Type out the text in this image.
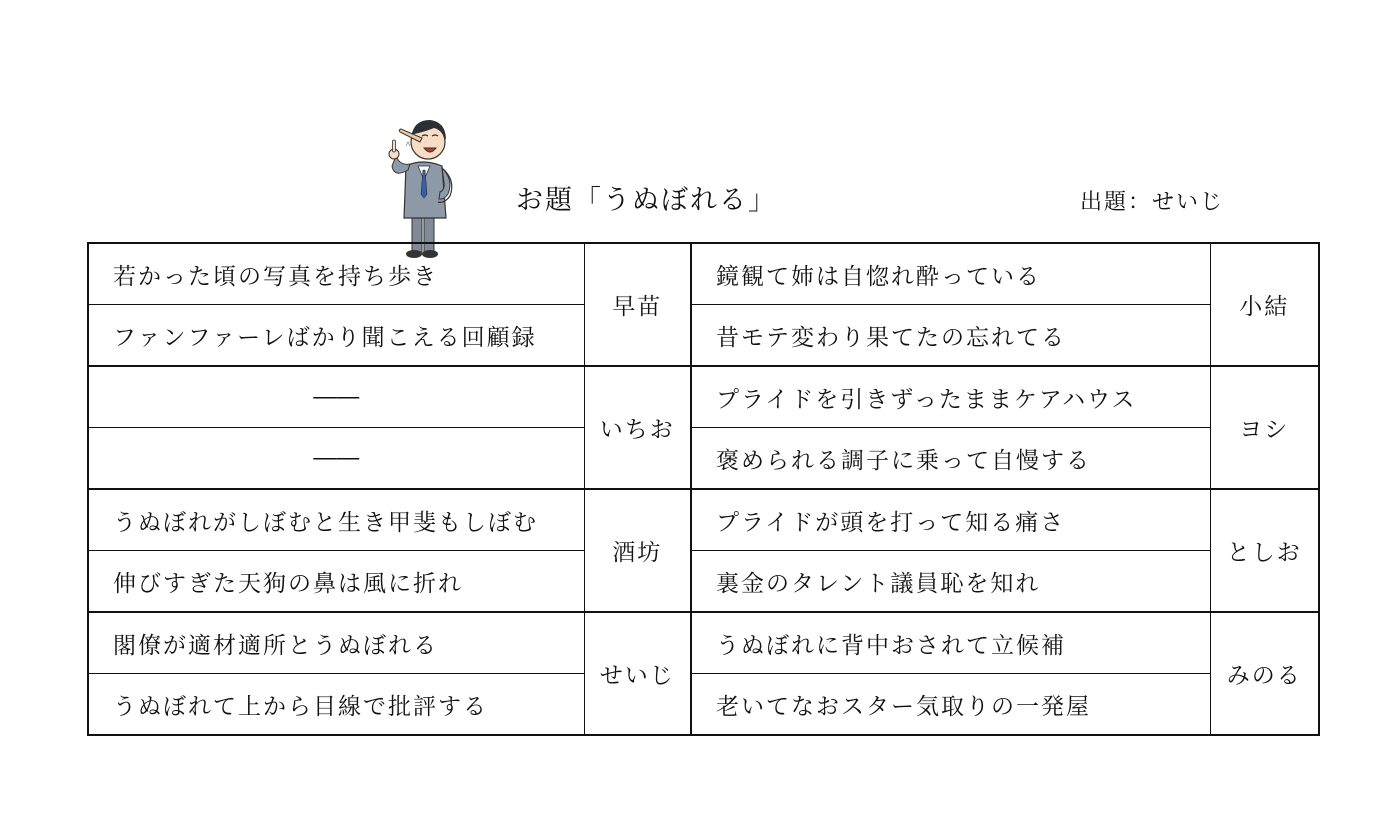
お題「うぬぼれる」	出題：せいじ
若かった頃の写真を持ち歩き	早苗	鏡観て姉は自惚れ酔っている	小結
ファンファーレばかり聞こえる回顧録		昔モテ変わり果てたの忘れてる	
――	いちお	プライドを引きずったままケアハウス	ヨシ
――		褒められる調子に乗って自慢する	
うぬぼれがしぼむと生き甲斐もしぼむ	酒坊	プライドが頭を打って知る痛さ	としお
伸びすぎた天狗の鼻は風に折れ		裏金のタレント議員恥を知れ	
閣僚が適材適所とうぬぼれる	せいじ	うぬぼれに背中おされて立候補	みのる
うぬぼれて上から目線で批評する		老いてなおスター気取りの一発屋	
